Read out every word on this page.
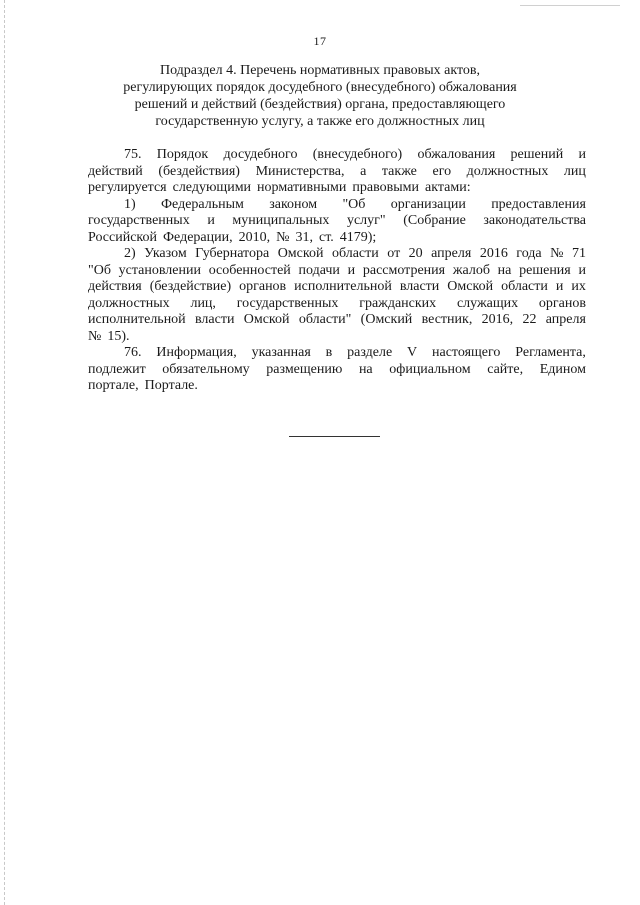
17
Подраздел 4. Перечень нормативных правовых актов,
регулирующих порядок досудебного (внесудебного) обжалования
решений и действий (бездействия) органа, предоставляющего
государственную услугу, а также его должностных лиц
75. Порядок досудебного (внесудебного) обжалования решений и
действий (бездействия) Министерства, а также его должностных лиц
регулируется следующими нормативными правовыми актами:
1) Федеральным законом "Об организации предоставления
государственных и муниципальных услуг" (Собрание законодательства
Российской Федерации, 2010, № 31, ст. 4179);
2) Указом Губернатора Омской области от 20 апреля 2016 года № 71
"Об установлении особенностей подачи и рассмотрения жалоб на решения и
действия (бездействие) органов исполнительной власти Омской области и их
должностных лиц, государственных гражданских служащих органов
исполнительной власти Омской области" (Омский вестник, 2016, 22 апреля
№ 15).
76. Информация, указанная в разделе V настоящего Регламента,
подлежит обязательному размещению на официальном сайте, Едином
портале, Портале.
